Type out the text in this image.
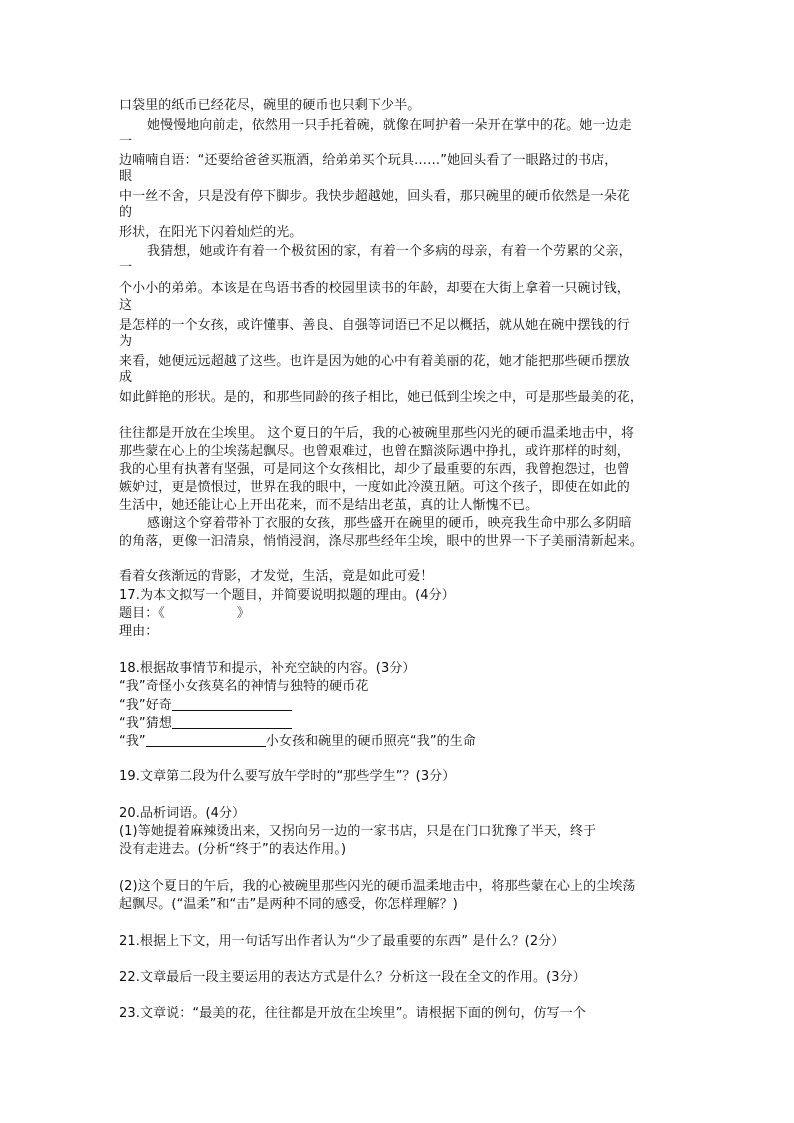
口袋里的纸币已经花尽，碗里的硬币也只剩下少半。
她慢慢地向前走，依然用一只手托着碗，就像在呵护着一朵开在掌中的花。她一边走
一
边喃喃自语：“还要给爸爸买瓶酒，给弟弟买个玩具……”她回头看了一眼路过的书店，
眼
中一丝不舍，只是没有停下脚步。我快步超越她，回头看，那只碗里的硬币依然是一朵花
的
形状，在阳光下闪着灿烂的光。
我猜想，她或许有着一个极贫困的家，有着一个多病的母亲，有着一个劳累的父亲，
一
个小小的弟弟。本该是在鸟语书香的校园里读书的年龄，却要在大街上拿着一只碗讨钱，
这
是怎样的一个女孩，或许懂事、善良、自强等词语已不足以概括，就从她在碗中摆钱的行
为
来看，她便远远超越了这些。也许是因为她的心中有着美丽的花，她才能把那些硬币摆放
成
如此鲜艳的形状。是的，和那些同龄的孩子相比，她已低到尘埃之中，可是那些最美的花，
往往都是开放在尘埃里。 这个夏日的午后，我的心被碗里那些闪光的硬币温柔地击中，将
那些蒙在心上的尘埃荡起飘尽。也曾艰难过，也曾在黯淡际遇中挣扎，或许那样的时刻，
我的心里有执著有坚强，可是同这个女孩相比，却少了最重要的东西，我曾抱怨过，也曾
嫉妒过，更是愤恨过，世界在我的眼中，一度如此冷漠丑陋。可这个孩子，即使在如此的
生活中，她还能让心上开出花来，而不是结出老茧，真的让人惭愧不已。
感谢这个穿着带补丁衣服的女孩，那些盛开在碗里的硬币，映亮我生命中那么多阴暗
的角落，更像一汩清泉，悄悄浸润，涤尽那些经年尘埃，眼中的世界一下子美丽清新起来。
看着女孩渐远的背影，才发觉，生活，竟是如此可爱！
17.为本文拟写一个题目，并简要说明拟题的理由。(4分）
题目：《	》
理由：
18.根据故事情节和提示，补充空缺的内容。(3分）
“我”奇怪小女孩莫名的神情与独特的硬币花
“我”好奇
“我”猜想
“我”	小女孩和碗里的硬币照亮“我”的生命
19.文章第二段为什么要写放午学时的“那些学生”？(3分）
20.品析词语。(4分）
(1)等她提着麻辣烫出来，又拐向另一边的一家书店，只是在门口犹豫了半天，终于
没有走进去。(分析“终于”的表达作用。)
(2)这个夏日的午后，我的心被碗里那些闪光的硬币温柔地击中，将那些蒙在心上的尘埃荡
起飘尽。(“温柔”和“击”是两种不同的感受，你怎样理解？)
21.根据上下文，用一句话写出作者认为“少了最重要的东西” 是什么？(2分）
22.文章最后一段主要运用的表达方式是什么？分析这一段在全文的作用。(3分）
23.文章说：“最美的花，往往都是开放在尘埃里”。请根据下面的例句，仿写一个
